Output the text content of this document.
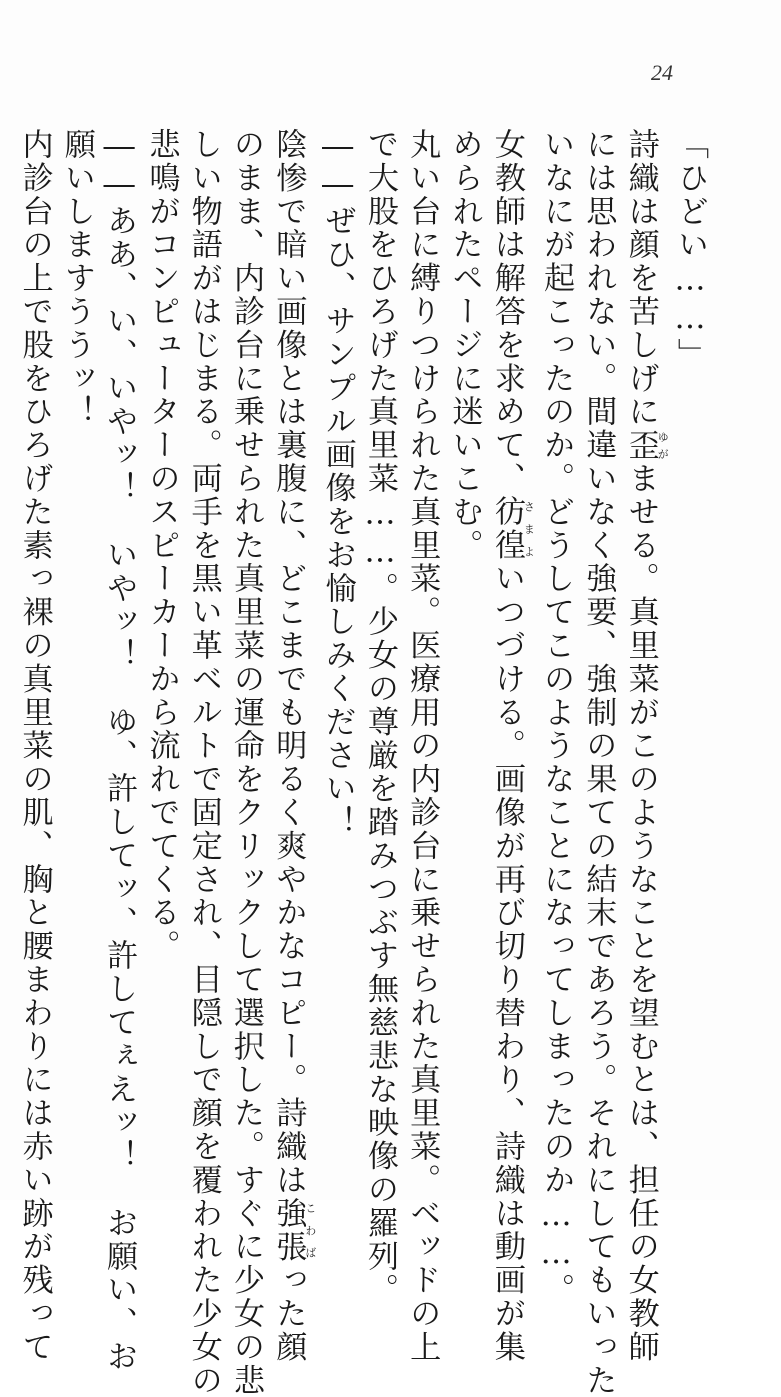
24
「ひどい……」
詩織は顔を苦しげに歪ゆがませる。真里菜がこのようなことを望むとは、担任の女教師
には思われない。間違いなく強要、強制の果ての結末であろう。それにしてもいった
いなにが起こったのか。どうしてこのようなことになってしまったのか……。
女教師は解答を求めて、彷徨さまよいつづける。画像が再び切り替わり、詩織は動画が集
められたページに迷いこむ。
丸い台に縛りつけられた真里菜。医療用の内診台に乗せられた真里菜。ベッドの上
で大股をひろげた真里菜……。少女の尊厳を踏みつぶす無慈悲な映像の羅列。
――ぜひ、サンプル画像をお愉しみください！
陰惨で暗い画像とは裏腹に、どこまでも明るく爽やかなコピー。詩織は強張こわばった顔
のまま、内診台に乗せられた真里菜の運命をクリックして選択した。すぐに少女の悲
しい物語がはじまる。両手を黒い革ベルトで固定され、目隠しで顔を覆われた少女の
悲鳴がコンピューターのスピーカーから流れでてくる。
――ああ、い、いやッ！　いやッ！　ゆ、許してッ、許してぇえッ！　お願い、お
願いしますううッ！
内診台の上で股をひろげた素っ裸の真里菜の肌、胸と腰まわりには赤い跡が残って
